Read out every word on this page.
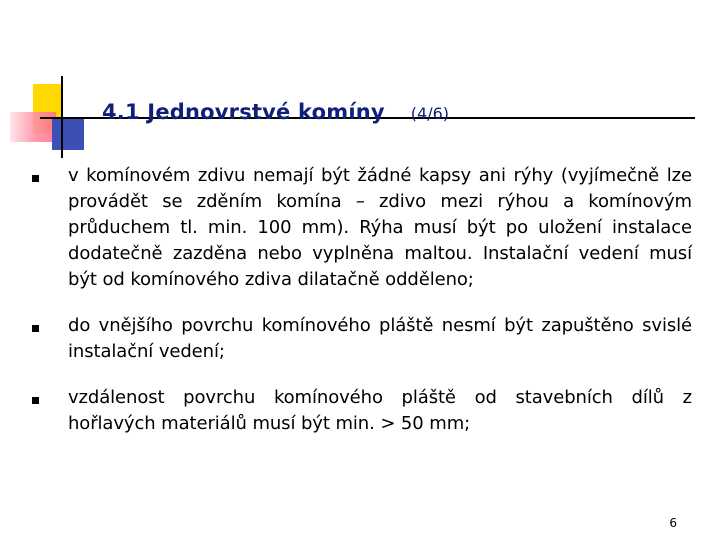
4.1 Jednovrstvé komíny (4/6)
v komínovém zdivu nemají být žádné kapsy ani rýhy (vyjímečně lze provádět se zděním komína – zdivo mezi rýhou a komínovým průduchem tl. min. 100 mm). Rýha musí být po uložení instalace dodatečně zazděna nebo vyplněna maltou. Instalační vedení musí být od komínového zdiva dilatačně odděleno;
do vnějšího povrchu komínového pláště nesmí být zapuštěno svislé instalační vedení;
vzdálenost povrchu komínového pláště od stavebních dílů z hořlavých materiálů musí být min. > 50 mm;
6
